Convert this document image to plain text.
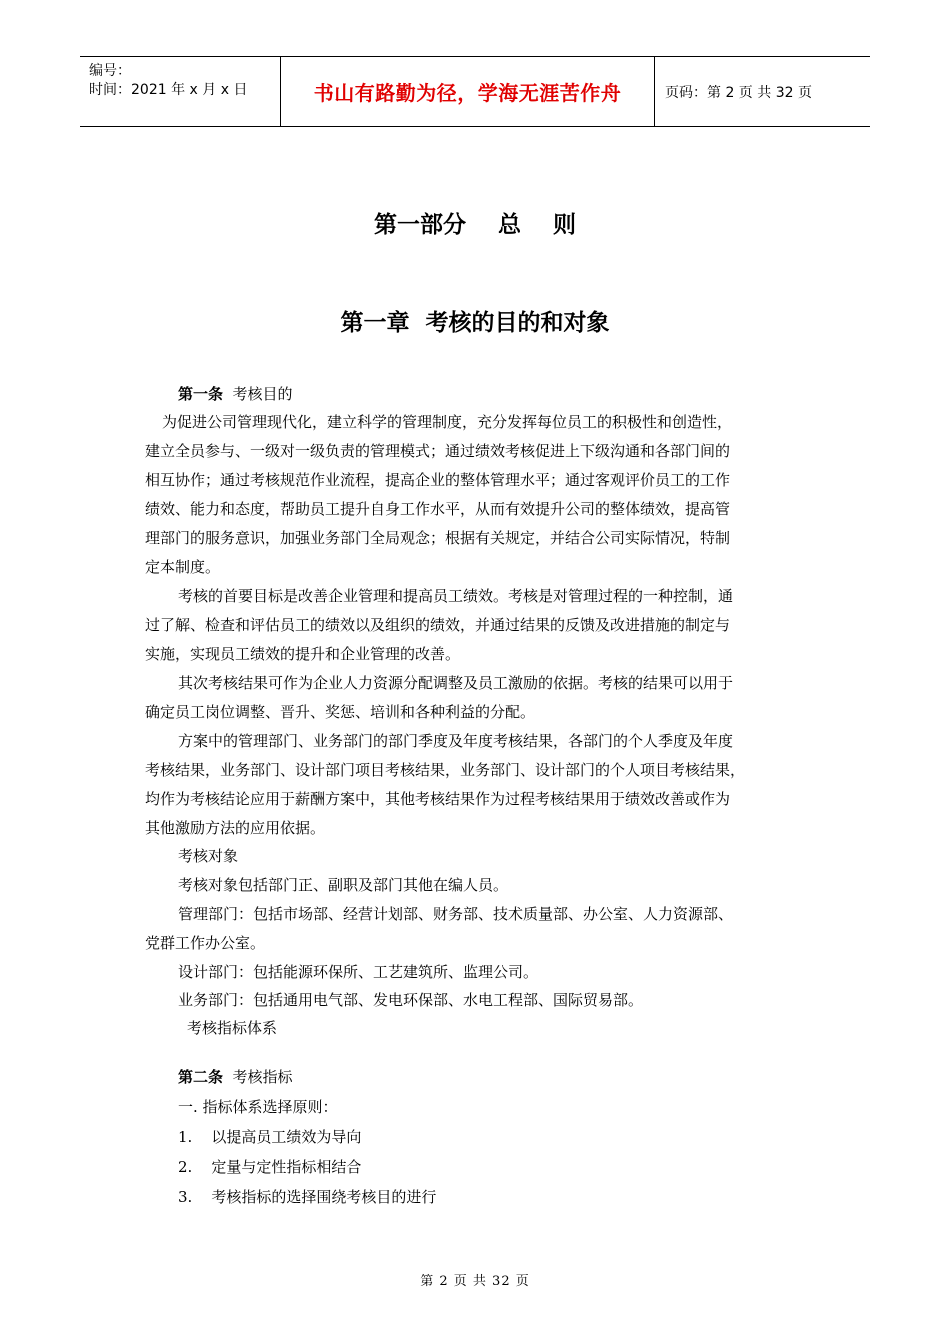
编号：
时间：2021 年 x 月 x 日	书山有路勤为径，学海无涯苦作舟	页码：第 2 页 共 32 页
第一部分    总    则
第一章  考核的目的和对象
第一条  考核目的
为促进公司管理现代化，建立科学的管理制度，充分发挥每位员工的积极性和创造性，
建立全员参与、一级对一级负责的管理模式；通过绩效考核促进上下级沟通和各部门间的
相互协作；通过考核规范作业流程，提高企业的整体管理水平；通过客观评价员工的工作
绩效、能力和态度，帮助员工提升自身工作水平，从而有效提升公司的整体绩效，提高管
理部门的服务意识，加强业务部门全局观念；根据有关规定，并结合公司实际情况，特制
定本制度。
考核的首要目标是改善企业管理和提高员工绩效。考核是对管理过程的一种控制，通
过了解、检查和评估员工的绩效以及组织的绩效，并通过结果的反馈及改进措施的制定与
实施，实现员工绩效的提升和企业管理的改善。
其次考核结果可作为企业人力资源分配调整及员工激励的依据。考核的结果可以用于
确定员工岗位调整、晋升、奖惩、培训和各种利益的分配。
方案中的管理部门、业务部门的部门季度及年度考核结果，各部门的个人季度及年度
考核结果，业务部门、设计部门项目考核结果，业务部门、设计部门的个人项目考核结果，
均作为考核结论应用于薪酬方案中，其他考核结果作为过程考核结果用于绩效改善或作为
其他激励方法的应用依据。
考核对象
考核对象包括部门正、副职及部门其他在编人员。
管理部门：包括市场部、经营计划部、财务部、技术质量部、办公室、人力资源部、
党群工作办公室。
设计部门：包括能源环保所、工艺建筑所、监理公司。
业务部门：包括通用电气部、发电环保部、水电工程部、国际贸易部。
考核指标体系
第二条  考核指标
一. 指标体系选择原则：
1.    以提高员工绩效为导向
2.    定量与定性指标相结合
3.    考核指标的选择围绕考核目的进行
第 2 页 共 32 页
